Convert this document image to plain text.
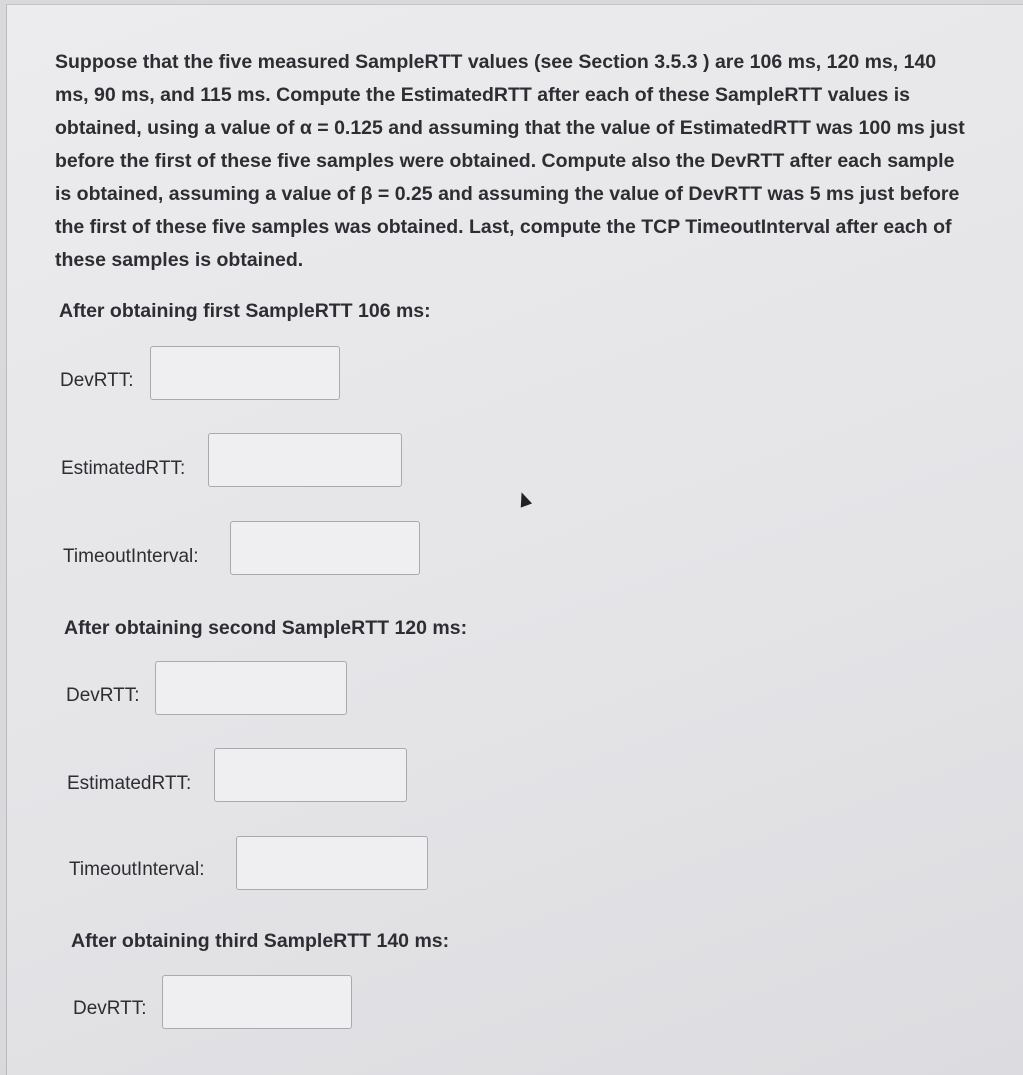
Suppose that the five measured SampleRTT values (see Section 3.5.3 ) are 106 ms, 120 ms, 140 ms, 90 ms, and 115 ms. Compute the EstimatedRTT after each of these SampleRTT values is obtained, using a value of α = 0.125 and assuming that the value of EstimatedRTT was 100 ms just before the first of these five samples were obtained. Compute also the DevRTT after each sample is obtained, assuming a value of β = 0.25 and assuming the value of DevRTT was 5 ms just before the first of these five samples was obtained. Last, compute the TCP TimeoutInterval after each of these samples is obtained.

After obtaining first SampleRTT 106 ms:
DevRTT:
EstimatedRTT:
TimeoutInterval:
After obtaining second SampleRTT 120 ms:
DevRTT:
EstimatedRTT:
TimeoutInterval:
After obtaining third SampleRTT 140 ms:
DevRTT:
